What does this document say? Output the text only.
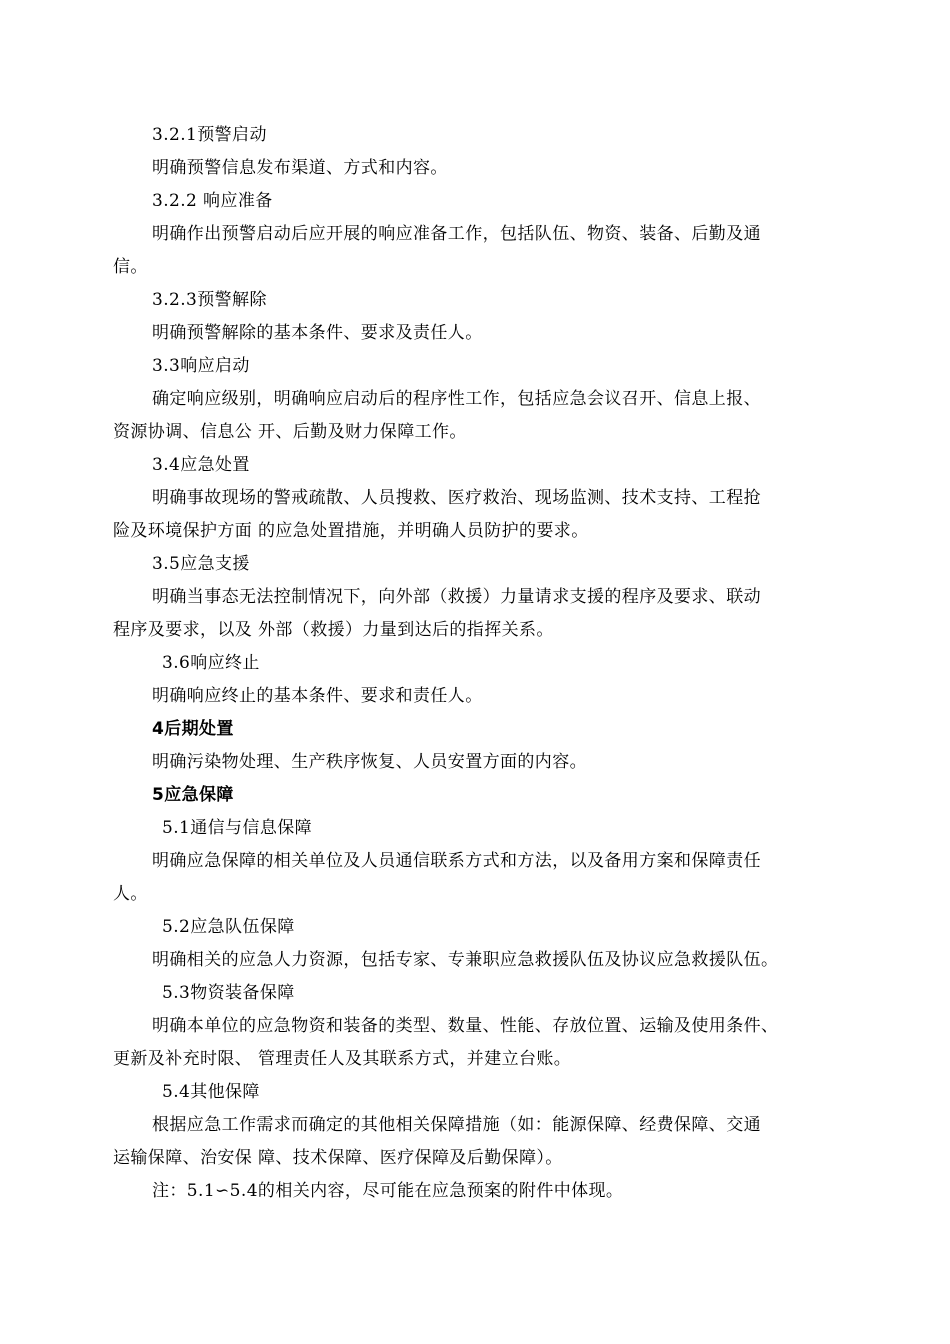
3.2.1预警启动
明确预警信息发布渠道、方式和内容。
3.2.2 响应准备
明确作出预警启动后应开展的响应准备工作，包括队伍、物资、装备、后勤及通
信。
3.2.3预警解除
明确预警解除的基本条件、要求及责任人。
3.3响应启动
确定响应级别，明确响应启动后的程序性工作，包括应急会议召开、信息上报、
资源协调、信息公 开、后勤及财力保障工作。
3.4应急处置
明确事故现场的警戒疏散、人员搜救、医疗救治、现场监测、技术支持、工程抢
险及环境保护方面 的应急处置措施，并明确人员防护的要求。
3.5应急支援
明确当事态无法控制情况下，向外部（救援）力量请求支援的程序及要求、联动
程序及要求，以及 外部（救援）力量到达后的指挥关系。
3.6响应终止
明确响应终止的基本条件、要求和责任人。
4后期处置
明确污染物处理、生产秩序恢复、人员安置方面的内容。
5应急保障
5.1通信与信息保障
明确应急保障的相关单位及人员通信联系方式和方法，以及备用方案和保障责任
人。
5.2应急队伍保障
明确相关的应急人力资源，包括专家、专兼职应急救援队伍及协议应急救援队伍。
5.3物资装备保障
明确本单位的应急物资和装备的类型、数量、性能、存放位置、运输及使用条件、
更新及补充时限、 管理责任人及其联系方式，并建立台账。
5.4其他保障
根据应急工作需求而确定的其他相关保障措施（如：能源保障、经费保障、交通
运输保障、治安保 障、技术保障、医疗保障及后勤保障）。
注：5.1∽5.4的相关内容，尽可能在应急预案的附件中体现。
